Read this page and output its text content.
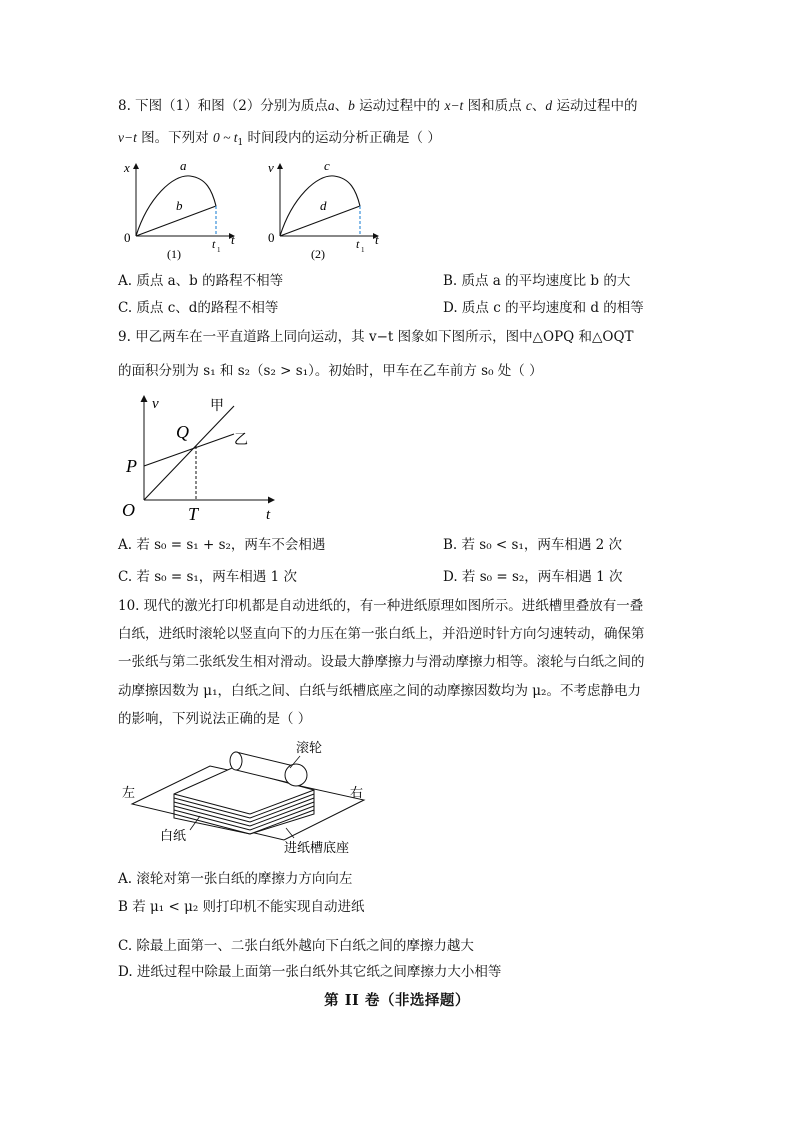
8. 下图（1）和图（2）分别为质点a、b 运动过程中的 x−t 图和质点 c、d 运动过程中的
v−t 图。下列对 0 ~ $t_1$ 时间段内的运动分析正确是（ ）
x
0
a
b
t 1
t
(1)
v
0
c
d
t 1
t
(2)
A. 质点 a、b 的路程不相等	B. 质点 a 的平均速度比 b 的大
C. 质点 c、d的路程不相等	D. 质点 c 的平均速度和 d 的相等
9. 甲乙两车在一平直道路上同向运动，其 v−t 图象如下图所示，图中△OPQ 和△OQT
的面积分别为 s₁ 和 s₂（s₂ > s₁）。初始时，甲车在乙车前方 s₀ 处（ ）
v	甲
乙
Q
P
O	T	t
A. 若 s₀ = s₁ + s₂，两车不会相遇	B. 若 s₀ < s₁，两车相遇 2 次
C. 若 s₀ = s₁，两车相遇 1 次	D. 若 s₀ = s₂，两车相遇 1 次
10. 现代的激光打印机都是自动进纸的，有一种进纸原理如图所示。进纸槽里叠放有一叠
白纸，进纸时滚轮以竖直向下的力压在第一张白纸上，并沿逆时针方向匀速转动，确保第
一张纸与第二张纸发生相对滑动。设最大静摩擦力与滑动摩擦力相等。滚轮与白纸之间的
动摩擦因数为 μ₁，白纸之间、白纸与纸槽底座之间的动摩擦因数均为 μ₂。不考虑静电力
的影响，下列说法正确的是（ ）
滚轮
左	右
白纸
进纸槽底座
A. 滚轮对第一张白纸的摩擦力方向向左
B 若 μ₁ < μ₂ 则打印机不能实现自动进纸
C. 除最上面第一、二张白纸外越向下白纸之间的摩擦力越大
D. 进纸过程中除最上面第一张白纸外其它纸之间摩擦力大小相等
第 II 卷（非选择题）
